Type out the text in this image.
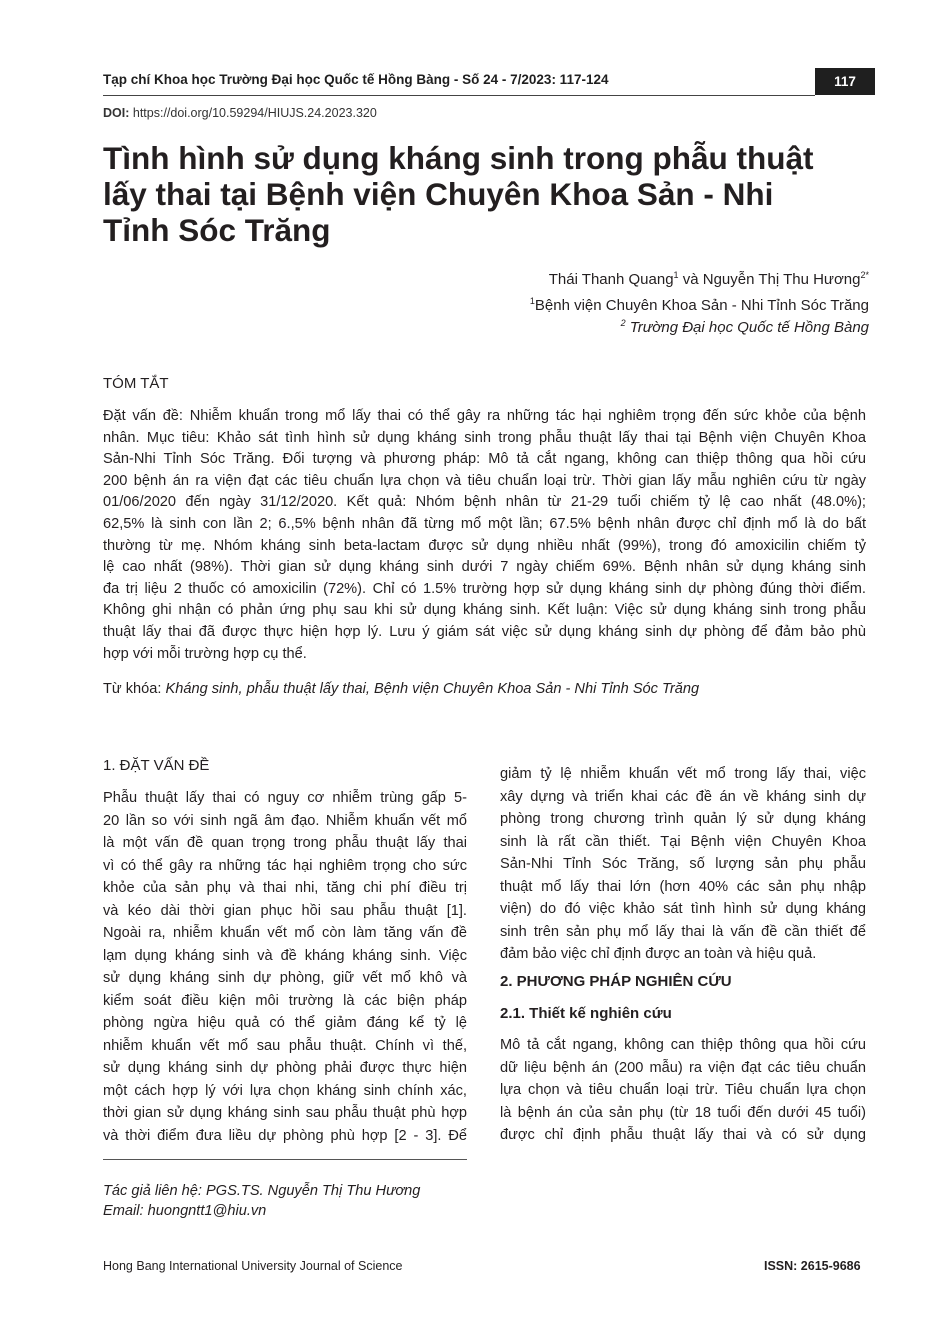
Tạp chí Khoa học Trường Đại học Quốc tế Hồng Bàng - Số 24 - 7/2023: 117-124	117
DOI: https://doi.org/10.59294/HIUJS.24.2023.320
Tình hình sử dụng kháng sinh trong phẫu thuật
lấy thai tại Bệnh viện Chuyên Khoa Sản - Nhi
Tỉnh Sóc Trăng
Thái Thanh Quang$^1$ và Nguyễn Thị Thu Hương$^{2*}$
$^1$Bệnh viện Chuyên Khoa Sản - Nhi Tỉnh Sóc Trăng
$^2$ Trường Đại học Quốc tế Hồng Bàng
TÓM TẮT
Đặt vấn đề: Nhiễm khuẩn trong mổ lấy thai có thể gây ra những tác hại nghiêm trọng đến sức khỏe của bệnh
nhân. Mục tiêu: Khảo sát tình hình sử dụng kháng sinh trong phẫu thuật lấy thai tại Bệnh viện Chuyên Khoa
Sản-Nhi Tỉnh Sóc Trăng. Đối tượng và phương pháp: Mô tả cắt ngang, không can thiệp thông qua hồi cứu
200 bệnh án ra viện đạt các tiêu chuẩn lựa chọn và tiêu chuẩn loại trừ. Thời gian lấy mẫu nghiên cứu từ ngày
01/06/2020 đến ngày 31/12/2020. Kết quả: Nhóm bệnh nhân từ 21-29 tuổi chiếm tỷ lệ cao nhất (48.0%);
62,5% là sinh con lần 2; 6.,5% bệnh nhân đã từng mổ một lần; 67.5% bệnh nhân được chỉ định mổ là do bất
thường từ mẹ. Nhóm kháng sinh beta-lactam được sử dụng nhiều nhất (99%), trong đó amoxicilin chiếm tỷ
lệ cao nhất (98%). Thời gian sử dụng kháng sinh dưới 7 ngày chiếm 69%. Bệnh nhân sử dụng kháng sinh
đa trị liệu 2 thuốc có amoxicilin (72%). Chỉ có 1.5% trường hợp sử dụng kháng sinh dự phòng đúng thời điểm.
Không ghi nhận có phản ứng phụ sau khi sử dụng kháng sinh. Kết luận: Việc sử dụng kháng sinh trong phẫu
thuật lấy thai đã được thực hiện hợp lý. Lưu ý giám sát việc sử dụng kháng sinh dự phòng để đảm bảo phù
hợp với mỗi trường hợp cụ thể.
Từ khóa: Kháng sinh, phẫu thuật lấy thai, Bệnh viện Chuyên Khoa Sản - Nhi Tỉnh Sóc Trăng
1. ĐẶT VẤN ĐỀ
Phẫu thuật lấy thai có nguy cơ nhiễm trùng gấp 5-
20 lần so với sinh ngã âm đạo. Nhiễm khuẩn vết mổ
là một vấn đề quan trọng trong phẫu thuật lấy thai
vì có thể gây ra những tác hại nghiêm trọng cho sức
khỏe của sản phụ và thai nhi, tăng chi phí điều trị
và kéo dài thời gian phục hồi sau phẫu thuật [1].
Ngoài ra, nhiễm khuẩn vết mổ còn làm tăng vấn đề
lạm dụng kháng sinh và đề kháng kháng sinh. Việc
sử dụng kháng sinh dự phòng, giữ vết mổ khô và
kiểm soát điều kiện môi trường là các biện pháp
phòng ngừa hiệu quả có thể giảm đáng kể tỷ lệ
nhiễm khuẩn vết mổ sau phẫu thuật. Chính vì thế,
sử dụng kháng sinh dự phòng phải được thực hiện
một cách hợp lý với lựa chọn kháng sinh chính xác,
thời gian sử dụng kháng sinh sau phẫu thuật phù hợp
và thời điểm đưa liều dự phòng phù hợp [2 - 3]. Để
giảm tỷ lệ nhiễm khuẩn vết mổ trong lấy thai, việc
xây dựng và triển khai các đề án về kháng sinh dự
phòng trong chương trình quản lý sử dụng kháng
sinh là rất cần thiết. Tại Bệnh viện Chuyên Khoa
Sản-Nhi Tỉnh Sóc Trăng, số lượng sản phụ phẫu
thuật mổ lấy thai lớn (hơn 40% các sản phụ nhập
viện) do đó việc khảo sát tình hình sử dụng kháng
sinh trên sản phụ mổ lấy thai là vấn đề cần thiết để
đảm bảo việc chỉ định được an toàn và hiệu quả.
2. PHƯƠNG PHÁP NGHIÊN CỨU
2.1. Thiết kế nghiên cứu
Mô tả cắt ngang, không can thiệp thông qua hồi cứu
dữ liệu bệnh án (200 mẫu) ra viện đạt các tiêu chuẩn
lựa chọn và tiêu chuẩn loại trừ. Tiêu chuẩn lựa chọn
là bệnh án của sản phụ (từ 18 tuổi đến dưới 45 tuổi)
được chỉ định phẫu thuật lấy thai và có sử dụng
Tác giả liên hệ: PGS.TS. Nguyễn Thị Thu Hương
Email: huongntt1@hiu.vn
Hong Bang International University Journal of Science	ISSN: 2615-9686
